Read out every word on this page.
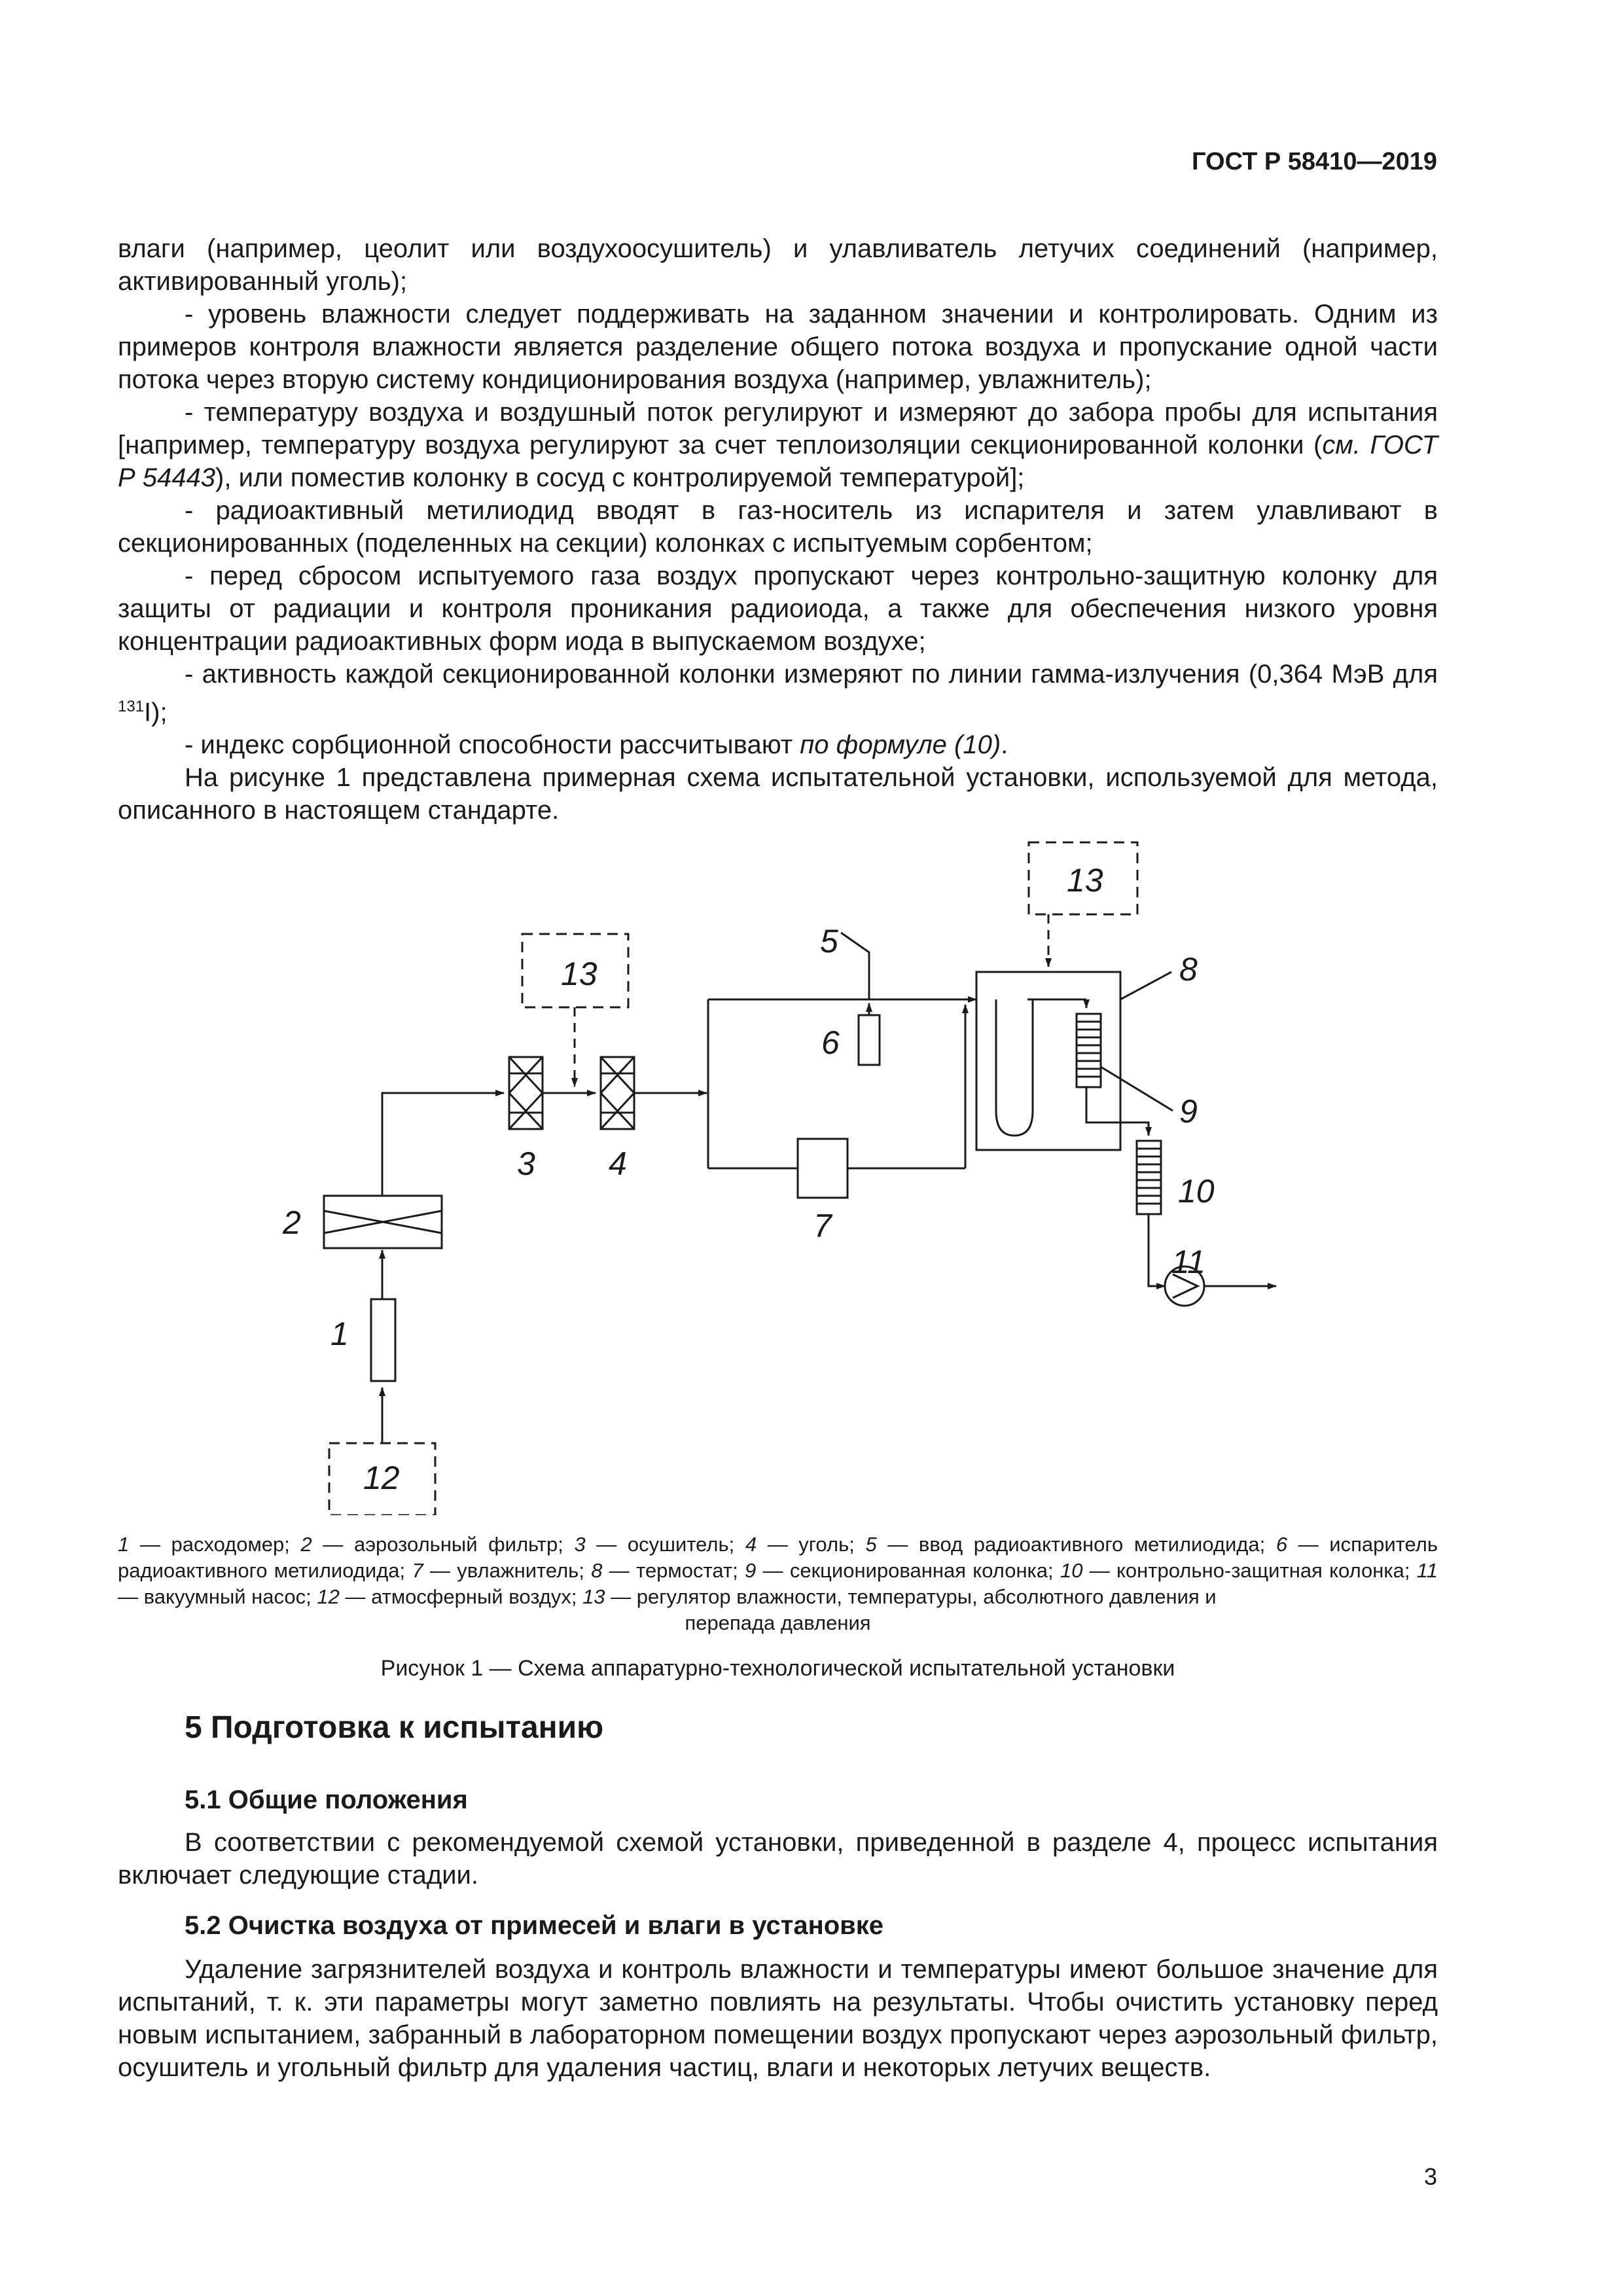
ГОСТ Р 58410—2019

влаги (например, цеолит или воздухоосушитель) и улавливатель летучих соединений (например, активированный уголь);

- уровень влажности следует поддерживать на заданном значении и контролировать. Одним из примеров контроля влажности является разделение общего потока воздуха и пропускание одной части потока через вторую систему кондиционирования воздуха (например, увлажнитель);

- температуру воздуха и воздушный поток регулируют и измеряют до забора пробы для испытания [например, температуру воздуха регулируют за счет теплоизоляции секционированной колонки (см. ГОСТ Р 54443), или поместив колонку в сосуд с контролируемой температурой];

- радиоактивный метилиодид вводят в газ-носитель из испарителя и затем улавливают в секционированных (поделенных на секции) колонках с испытуемым сорбентом;

- перед сбросом испытуемого газа воздух пропускают через контрольно-защитную колонку для защиты от радиации и контроля проникания радиоиода, а также для обеспечения низкого уровня концентрации радиоактивных форм иода в выпускаемом воздухе;

- активность каждой секционированной колонки измеряют по линии гамма-излучения (0,364 МэВ для $^{131}$I);

- индекс сорбционной способности рассчитывают по формуле (10).

На рисунке 1 представлена примерная схема испытательной установки, используемой для метода, описанного в настоящем стандарте.

1
2
3 4
5
6
7
8
9
10
11
12
13
13
1 — расходомер; 2 — аэрозольный фильтр; 3 — осушитель; 4 — уголь; 5 — ввод радиоактивного метилиодида; 6 — испаритель радиоактивного метилиодида; 7 — увлажнитель; 8 — термостат; 9 — секционированная колонка; 10 — контрольно-защитная колонка; 11 — вакуумный насос; 12 — атмосферный воздух; 13 — регулятор влажности, температуры, абсолютного давления и
перепада давления
Рисунок 1 — Схема аппаратурно-технологической испытательной установки
5 Подготовка к испытанию
5.1 Общие положения

В соответствии с рекомендуемой схемой установки, приведенной в разделе 4, процесс испытания включает следующие стадии.

5.2 Очистка воздуха от примесей и влаги в установке

Удаление загрязнителей воздуха и контроль влажности и температуры имеют большое значение для испытаний, т. к. эти параметры могут заметно повлиять на результаты. Чтобы очистить установку перед новым испытанием, забранный в лабораторном помещении воздух пропускают через аэрозольный фильтр, осушитель и угольный фильтр для удаления частиц, влаги и некоторых летучих веществ.

3
